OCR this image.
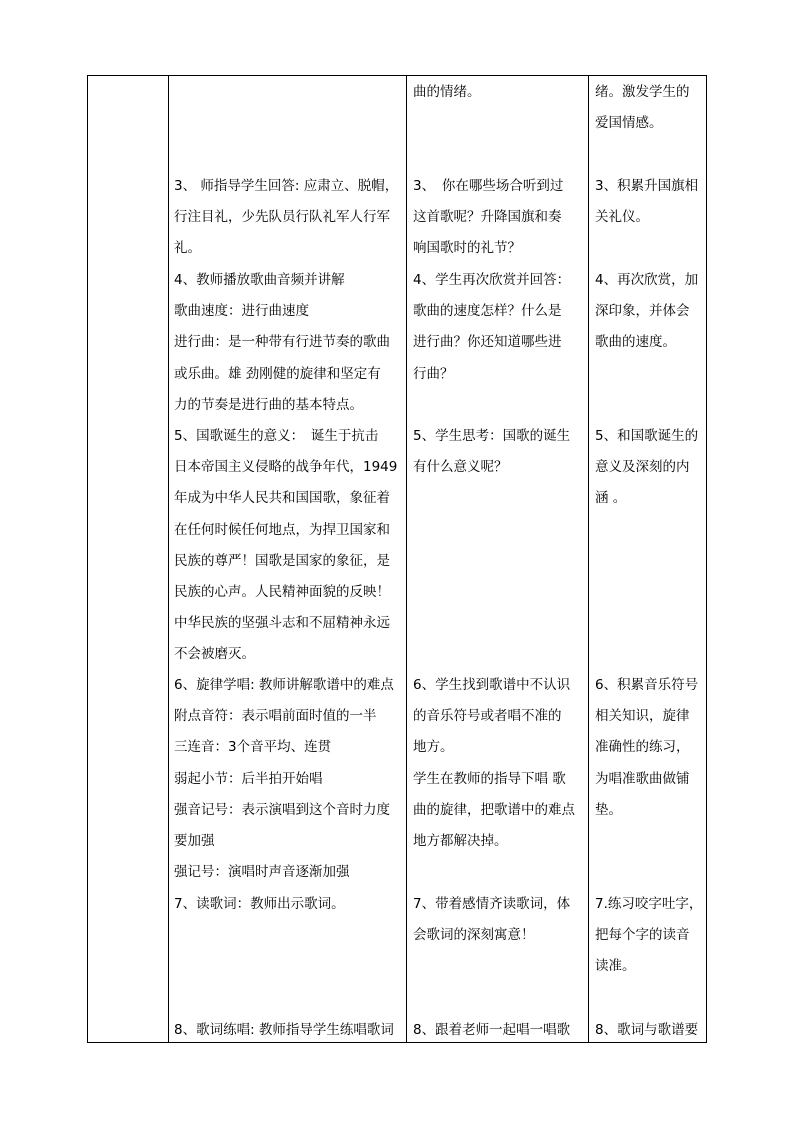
3、 师指导学生回答: 应肃立、脱帽，
行注目礼，少先队员行队礼军人行军
礼。
4、教师播放歌曲音频并讲解
歌曲速度：进行曲速度
进行曲：是一种带有行进节奏的歌曲
或乐曲。雄 劲刚健的旋律和坚定有
力的节奏是进行曲的基本特点。
5、国歌诞生的意义：　诞生于抗击
日本帝国主义侵略的战争年代，1949
年成为中华人民共和国国歌，象征着
在任何时候任何地点，为捍卫国家和
民族的尊严！国歌是国家的象征，是
民族的心声。人民精神面貌的反映！
中华民族的坚强斗志和不屈精神永远
不会被磨灭。
6、旋律学唱: 教师讲解歌谱中的难点
附点音符：表示唱前面时值的一半
三连音：3个音平均、连贯
弱起小节：后半拍开始唱
强音记号：表示演唱到这个音时力度
要加强
强记号：演唱时声音逐渐加强
7、读歌词：教师出示歌词。
8、歌词练唱: 教师指导学生练唱歌词
曲的情绪。
3、　你在哪些场合听到过
这首歌呢？升降国旗和奏
响国歌时的礼节？
4、学生再次欣赏并回答：
歌曲的速度怎样？什么是
进行曲？你还知道哪些进
行曲？
5、学生思考：国歌的诞生
有什么意义呢？
6、学生找到歌谱中不认识
的音乐符号或者唱不准的
地方。
学生在教师的指导下唱 歌
曲的旋律，把歌谱中的难点
地方都解决掉。
7、带着感情齐读歌词，体
会歌词的深刻寓意！
8、跟着老师一起唱一唱歌
绪。激发学生的
爱国情感。
3、积累升国旗相
关礼仪。
4、再次欣赏，加
深印象，并体会
歌曲的速度。
5、和国歌诞生的
意义及深刻的内
涵 。
6、积累音乐符号
相关知识，旋律
准确性的练习，
为唱准歌曲做铺
垫。
7.练习咬字吐字，
把每个字的读音
读准。
8、歌词与歌谱要
